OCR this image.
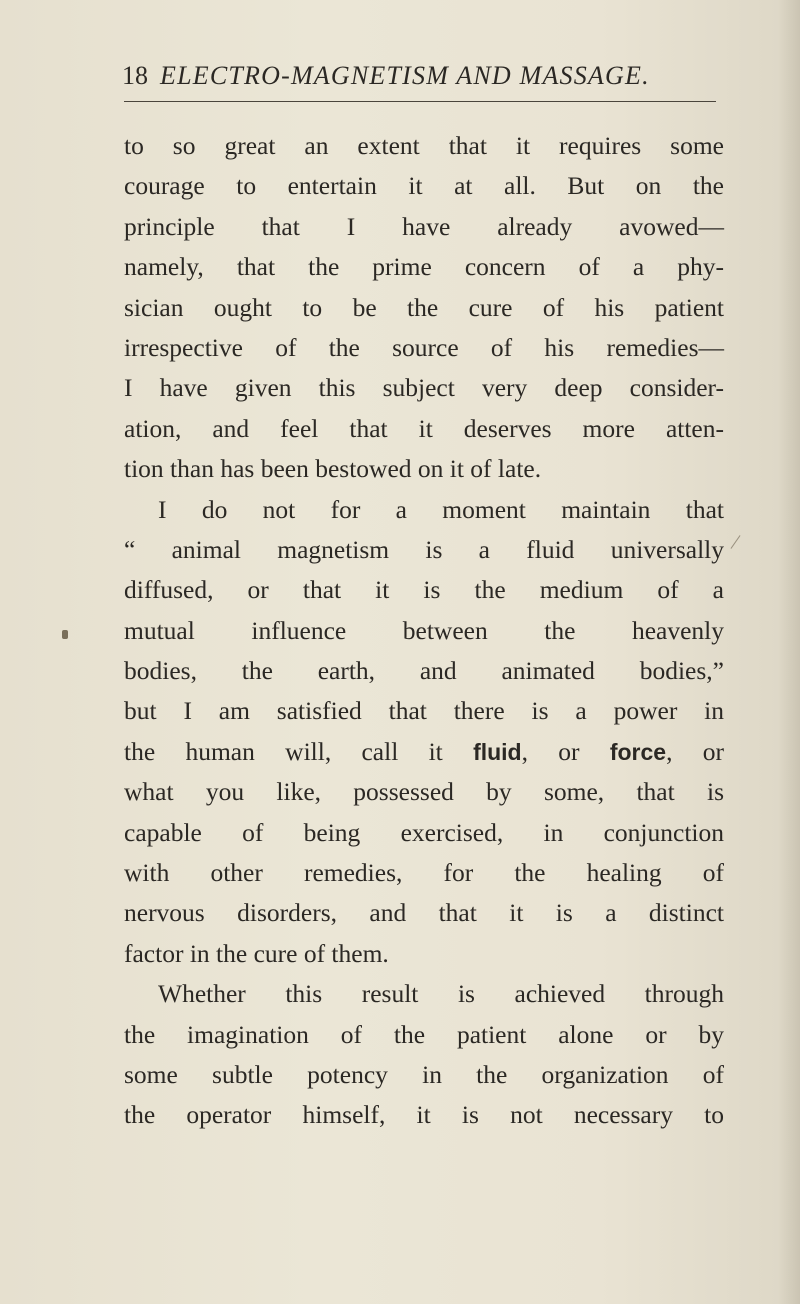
18 ELECTRO-MAGNETISM AND MASSAGE.
to so great an extent that it requires some
courage to entertain it at all. But on the
principle that I have already avowed—
namely, that the prime concern of a phy-
sician ought to be the cure of his patient
irrespective of the source of his remedies—
I have given this subject very deep consider-
ation, and feel that it deserves more atten-
tion than has been bestowed on it of late.
I do not for a moment maintain that
“ animal magnetism is a fluid universally
diffused, or that it is the medium of a
mutual influence between the heavenly
bodies, the earth, and animated bodies,”
but I am satisfied that there is a power in
the human will, call it fluid, or force, or
what you like, possessed by some, that is
capable of being exercised, in conjunction
with other remedies, for the healing of
nervous disorders, and that it is a distinct
factor in the cure of them.
Whether this result is achieved through
the imagination of the patient alone or by
some subtle potency in the organization of
the operator himself, it is not necessary to
